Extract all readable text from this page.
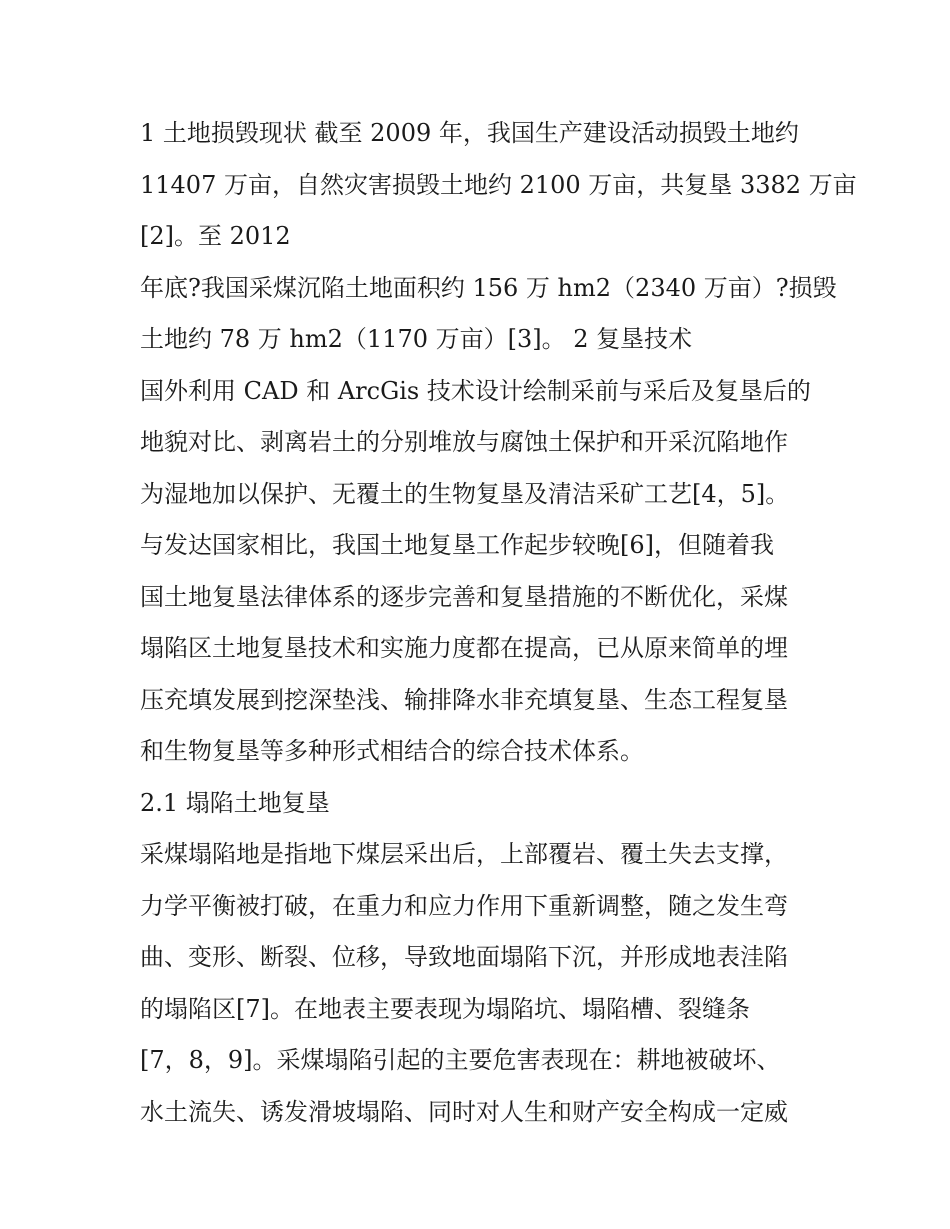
1 土地损毁现状 截至 2009 年，我国生产建设活动损毁土地约
11407 万亩，自然灾害损毁土地约 2100 万亩，共复垦 3382 万亩
[2]。至 2012
年底?我国采煤沉陷土地面积约 156 万 hm2（2340 万亩）?损毁
土地约 78 万 hm2（1170 万亩）[3]。 2 复垦技术
国外利用 CAD 和 ArcGis 技术设计绘制采前与采后及复垦后的
地貌对比、剥离岩土的分别堆放与腐蚀土保护和开采沉陷地作
为湿地加以保护、无覆土的生物复垦及清洁采矿工艺[4，5]。
与发达国家相比，我国土地复垦工作起步较晚[6]，但随着我
国土地复垦法律体系的逐步完善和复垦措施的不断优化，采煤
塌陷区土地复垦技术和实施力度都在提高，已从原来简单的埋
压充填发展到挖深垫浅、输排降水非充填复垦、生态工程复垦
和生物复垦等多种形式相结合的综合技术体系。
2.1 塌陷土地复垦
采煤塌陷地是指地下煤层采出后，上部覆岩、覆土失去支撑，
力学平衡被打破，在重力和应力作用下重新调整，随之发生弯
曲、变形、断裂、位移，导致地面塌陷下沉，并形成地表洼陷
的塌陷区[7]。在地表主要表现为塌陷坑、塌陷槽、裂缝条
[7，8，9]。采煤塌陷引起的主要危害表现在：耕地被破坏、
水土流失、诱发滑坡塌陷、同时对人生和财产安全构成一定威
